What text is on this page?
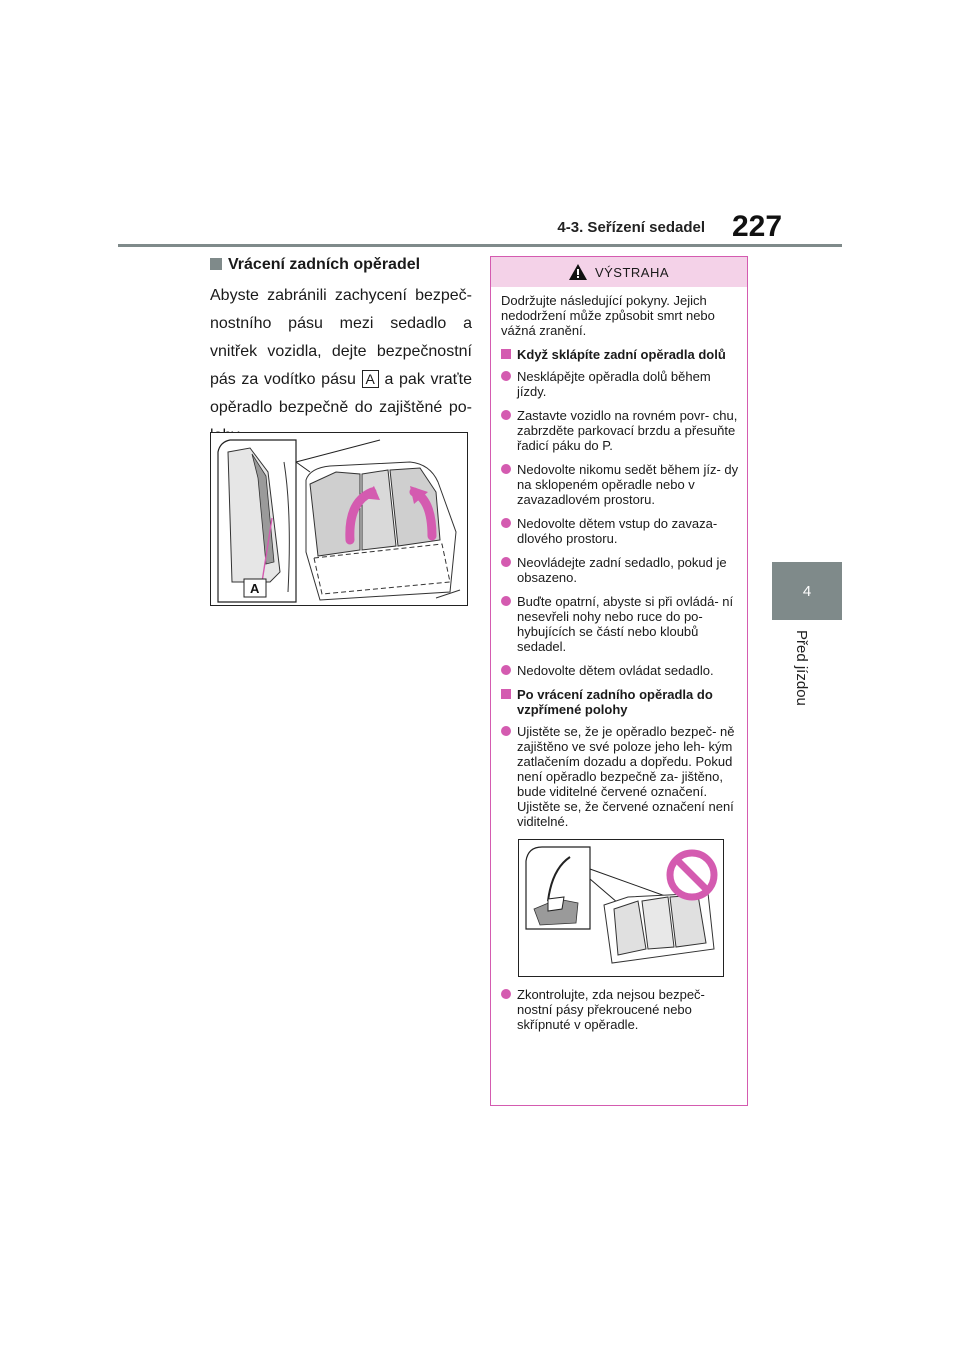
4-3. Seřízení sedadel 227
4
Před jízdou
Vrácení zadních opěradel

Abyste zabránili zachycení bezpeč- nostního pásu mezi sedadlo a vnitřek vozidla, dejte bezpečnostní pás za vodítko pásu A a pak vraťte opěradlo bezpečně do zajištěné po-

A
VÝSTRAHA

Dodržujte následující pokyny. Jejich nedodržení může způsobit smrt nebo vážná zranění.

Když sklápíte zadní opěradla dolů

Nesklápějte opěradla dolů během jízdy.

Zastavte vozidlo na rovném povr- chu, zabrzděte parkovací brzdu a přesuňte řadicí páku do P.

Nedovolte nikomu sedět během jíz- dy na sklopeném opěradle nebo v zavazadlovém prostoru.

Nedovolte dětem vstup do zavaza- dlového prostoru.

Neovládejte zadní sedadlo, pokud je obsazeno.

Buďte opatrní, abyste si při ovládá- ní nesevřeli nohy nebo ruce do po- hybujících se částí nebo kloubů sedadel.

Nedovolte dětem ovládat sedadlo.

Po vrácení zadního opěradla do vzpřímené polohy

Ujistěte se, že je opěradlo bezpeč- ně zajištěno ve své poloze jeho leh- kým zatlačením dozadu a dopředu. Pokud není opěradlo bezpečně za- jištěno, bude viditelné červené označení. Ujistěte se, že červené označení není viditelné.

Zkontrolujte, zda nejsou bezpeč- nostní pásy překroucené nebo skřípnuté v opěradle.
